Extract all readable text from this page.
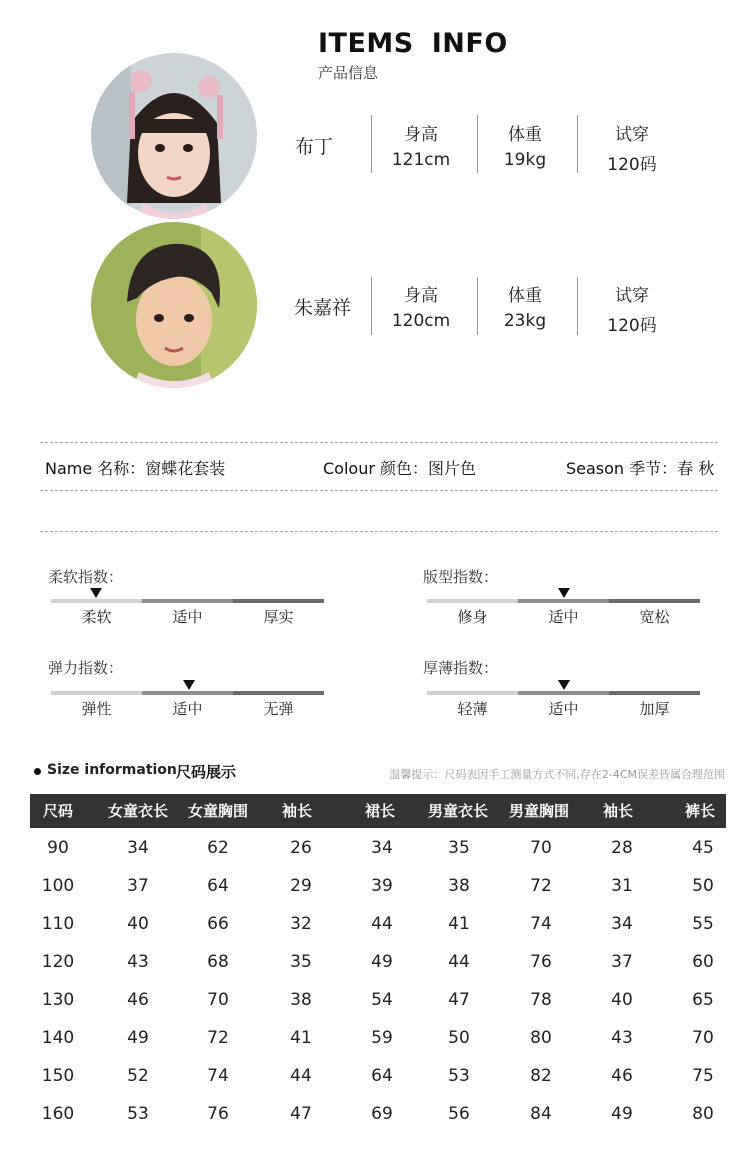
ITEMS INFO
产品信息
布丁
身高
121cm
体重
19kg
试穿
120码
朱嘉祥
身高
120cm
体重
23kg
试穿
120码
Name 名称：窗蝶花套装	Colour 颜色：图片色	Season 季节：春 秋
柔软指数：
柔软	适中	厚实
版型指数：
修身	适中	宽松
弹力指数：
弹性	适中	无弹
厚薄指数：
轻薄	适中	加厚
Size information 尺码展示	温馨提示：尺码表因手工测量方式不同,存在2-4CM误差皆属合理范围
尺码 女童衣长 女童胸围 袖长	裙长 男童衣长 男童胸围 袖长	裤长
90	34	62	26	34	35	70	28	45
100	37	64	29	39	38	72	31	50
110	40	66	32	44	41	74	34	55
120	43	68	35	49	44	76	37	60
130	46	70	38	54	47	78	40	65
140	49	72	41	59	50	80	43	70
150	52	74	44	64	53	82	46	75
160	53	76	47	69	56	84	49	80
